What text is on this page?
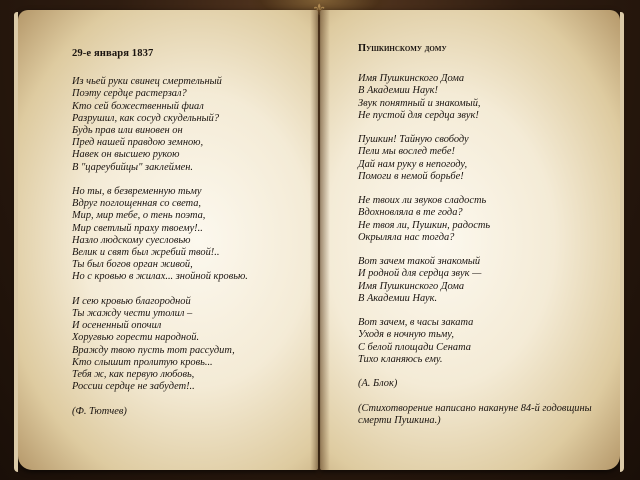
29-е января 1837
Из чьей руки свинец смертельный
Поэту сердце растерзал?
Кто сей божественный фиал
Разрушил, как сосуд скудельный?
Будь прав или виновен он
Пред нашей правдою земною,
Навек он высшею рукою
В "цареубийцы" заклеймен.
Но ты, в безвременную тьму
Вдруг поглощенная со света,
Мир, мир тебе, о тень поэта,
Мир светлый праху твоему!..
Назло людскому суесловью
Велик и свят был жребий твой!..
Ты был богов орган живой,
Но с кровью в жилах... знойной кровью.
И сею кровью благородной
Ты жажду чести утолил –
И осененный опочил
Хоругвью горести народной.
Вражду твою пусть тот рассудит,
Кто слышит пролитую кровь...
Тебя ж, как первую любовь,
России сердце не забудет!..
(Ф. Тютчев)
Пушкинскому дому
Имя Пушкинского Дома
В Академии Наук!
Звук понятный и знакомый,
Не пустой для сердца звук!
Пушкин! Тайную свободу
Пели мы вослед тебе!
Дай нам руку в непогоду,
Помоги в немой борьбе!
Не твоих ли звуков сладость
Вдохновляла в те года?
Не твоя ли, Пушкин, радость
Окрыляла нас тогда?
Вот зачем такой знакомый
И родной для сердца звук —
Имя Пушкинского Дома
В Академии Наук.
Вот зачем, в часы заката
Уходя в ночную тьму,
С белой площади Сената
Тихо кланяюсь ему.
(А. Блок)
(Стихотворение написано накануне 84-й годовщины
смерти Пушкина.)
